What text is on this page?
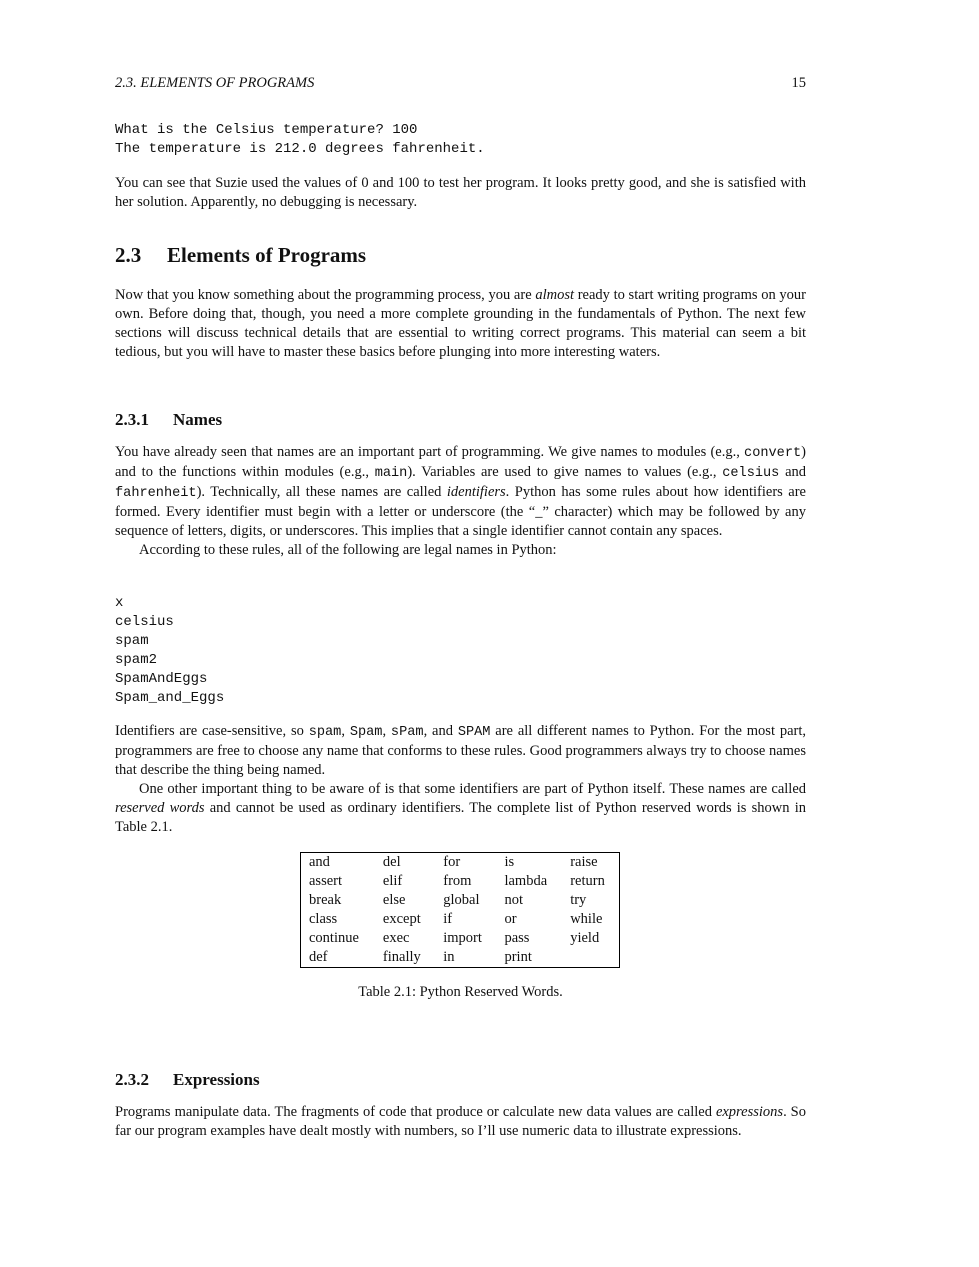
2.3. ELEMENTS OF PROGRAMS	15
What is the Celsius temperature? 100
The temperature is 212.0 degrees fahrenheit.

You can see that Suzie used the values of 0 and 100 to test her program. It looks pretty good, and she is satisfied with her solution. Apparently, no debugging is necessary.

2.3 Elements of Programs

Now that you know something about the programming process, you are almost ready to start writing programs on your own. Before doing that, though, you need a more complete grounding in the fundamentals of Python. The next few sections will discuss technical details that are essential to writing correct programs. This material can seem a bit tedious, but you will have to master these basics before plunging into more interesting waters.

2.3.1 Names

You have already seen that names are an important part of programming. We give names to modules (e.g., convert) and to the functions within modules (e.g., main). Variables are used to give names to values (e.g., celsius and fahrenheit). Technically, all these names are called identifiers. Python has some rules about how identifiers are formed. Every identifier must begin with a letter or underscore (the “_” character) which may be followed by any sequence of letters, digits, or underscores. This implies that a single identifier cannot contain any spaces.

According to these rules, all of the following are legal names in Python:

x
celsius
spam
spam2
SpamAndEggs
Spam_and_Eggs

Identifiers are case-sensitive, so spam, Spam, sPam, and SPAM are all different names to Python. For the most part, programmers are free to choose any name that conforms to these rules. Good programmers always try to choose names that describe the thing being named.

One other important thing to be aware of is that some identifiers are part of Python itself. These names are called reserved words and cannot be used as ordinary identifiers. The complete list of Python reserved words is shown in Table 2.1.

and	del	for	is	raise
assert	elif	from	lambda	return
break	else	global	not	try
class	except	if	or	while
continue	exec	import	pass	yield
def	finally	in	print	
Table 2.1: Python Reserved Words.
2.3.2 Expressions

Programs manipulate data. The fragments of code that produce or calculate new data values are called expressions. So far our program examples have dealt mostly with numbers, so I’ll use numeric data to illustrate expressions.
